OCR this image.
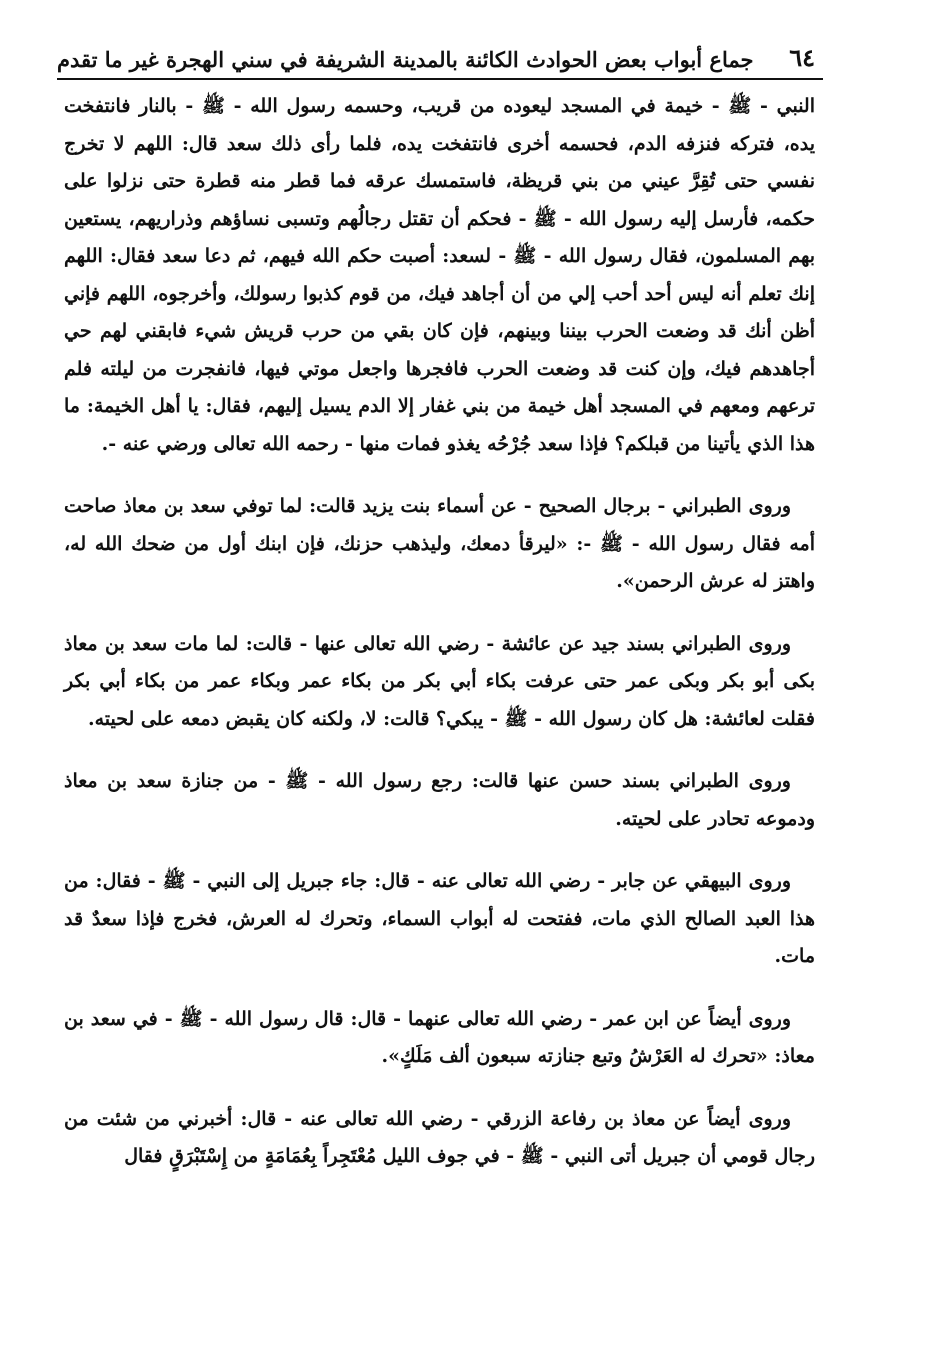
٦٤
جماع أبواب بعض الحوادث الكائنة بالمدينة الشريفة في سني الهجرة غير ما تقدم

النبي - ﷺ - خيمة في المسجد ليعوده من قريب، وحسمه رسول الله - ﷺ - بالنار فانتفخت يده، فتركه فنزفه الدم، فحسمه أخرى فانتفخت يده، فلما رأى ذلك سعد قال: اللهم لا تخرج نفسي حتى تُقِرَّ عيني من بني قريظة، فاستمسك عرقه فما قطر منه قطرة حتى نزلوا على حكمه، فأرسل إليه رسول الله - ﷺ - فحكم أن تقتل رجالُهم وتسبى نساؤهم وذراريهم، يستعين بهم المسلمون، فقال رسول الله - ﷺ - لسعد: أصبت حكم الله فيهم، ثم دعا سعد فقال: اللهم إنك تعلم أنه ليس أحد أحب إلي من أن أجاهد فيك، من قوم كذبوا رسولك، وأخرجوه، اللهم فإني أظن أنك قد وضعت الحرب بيننا وبينهم، فإن كان بقي من حرب قريش شيء فابقني لهم حي أجاهدهم فيك، وإن كنت قد وضعت الحرب فافجرها واجعل موتي فيها، فانفجرت من ليلته فلم ترعهم ومعهم في المسجد أهل خيمة من بني غفار إلا الدم يسيل إليهم، فقال: يا أهل الخيمة: ما هذا الذي يأتينا من قبلكم؟ فإذا سعد جُرْحُه يغذو فمات منها - رحمه الله تعالى ورضي عنه -.

وروى الطبراني - برجال الصحيح - عن أسماء بنت يزيد قالت: لما توفي سعد بن معاذ صاحت أمه فقال رسول الله - ﷺ -: «ليرقأ دمعك، وليذهب حزنك، فإن ابنك أول من ضحك الله له، واهتز له عرش الرحمن».

وروى الطبراني بسند جيد عن عائشة - رضي الله تعالى عنها - قالت: لما مات سعد بن معاذ بكى أبو بكر وبكى عمر حتى عرفت بكاء أبي بكر من بكاء عمر وبكاء عمر من بكاء أبي بكر فقلت لعائشة: هل كان رسول الله - ﷺ - يبكي؟ قالت: لا، ولكنه كان يقبض دمعه على لحيته.

وروى الطبراني بسند حسن عنها قالت: رجع رسول الله - ﷺ - من جنازة سعد بن معاذ ودموعه تحادر على لحيته.

وروى البيهقي عن جابر - رضي الله تعالى عنه - قال: جاء جبريل إلى النبي - ﷺ - فقال: من هذا العبد الصالح الذي مات، ففتحت له أبواب السماء، وتحرك له العرش، فخرج فإذا سعدٌ قد مات.

وروى أيضاً عن ابن عمر - رضي الله تعالى عنهما - قال: قال رسول الله - ﷺ - في سعد بن معاذ: «تحرك له العَرْشُ وتبع جنازته سبعون ألف مَلَكٍ».

وروى أيضاً عن معاذ بن رفاعة الزرقي - رضي الله تعالى عنه - قال: أخبرني من شئت من رجال قومي أن جبريل أتى النبي - ﷺ - في جوف الليل مُعْتَجِراً بِعُمَامَةٍ من إِسْتَبْرَقٍ فقال
